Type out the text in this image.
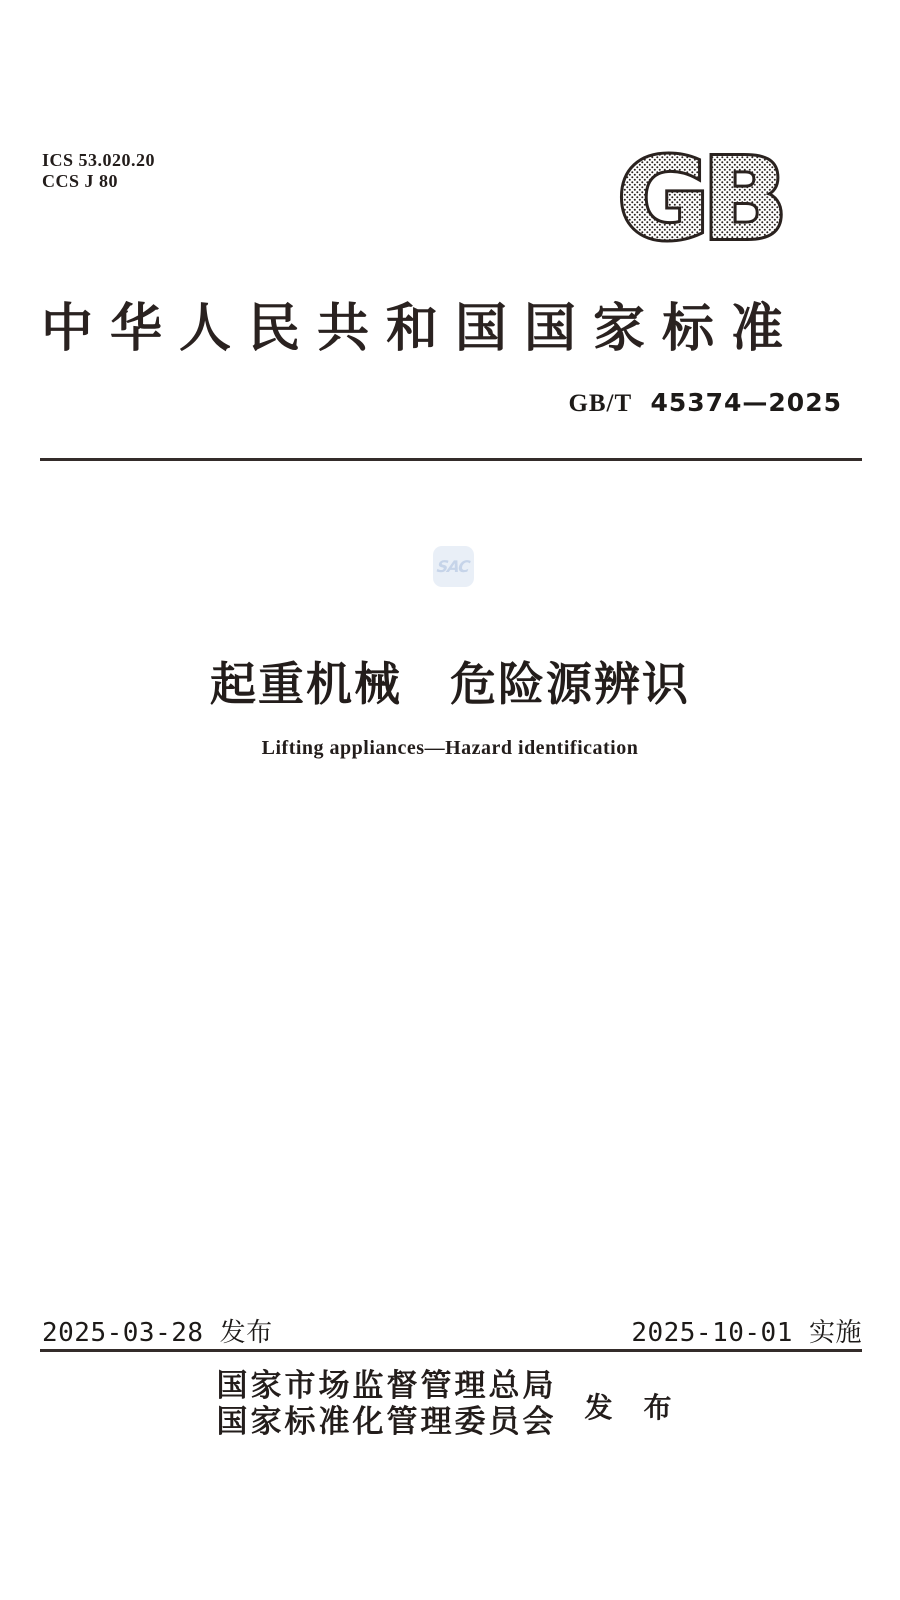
ICS 53.020.20
CCS J 80	GB
中华人民共和国国家标准
GB/T 45374—2025
SAC
起重机械　危险源辨识
Lifting appliances—Hazard identification
2025-03-28 发布	2025-10-01 实施
国家市场监督管理总局
国家标准化管理委员会 发 布
